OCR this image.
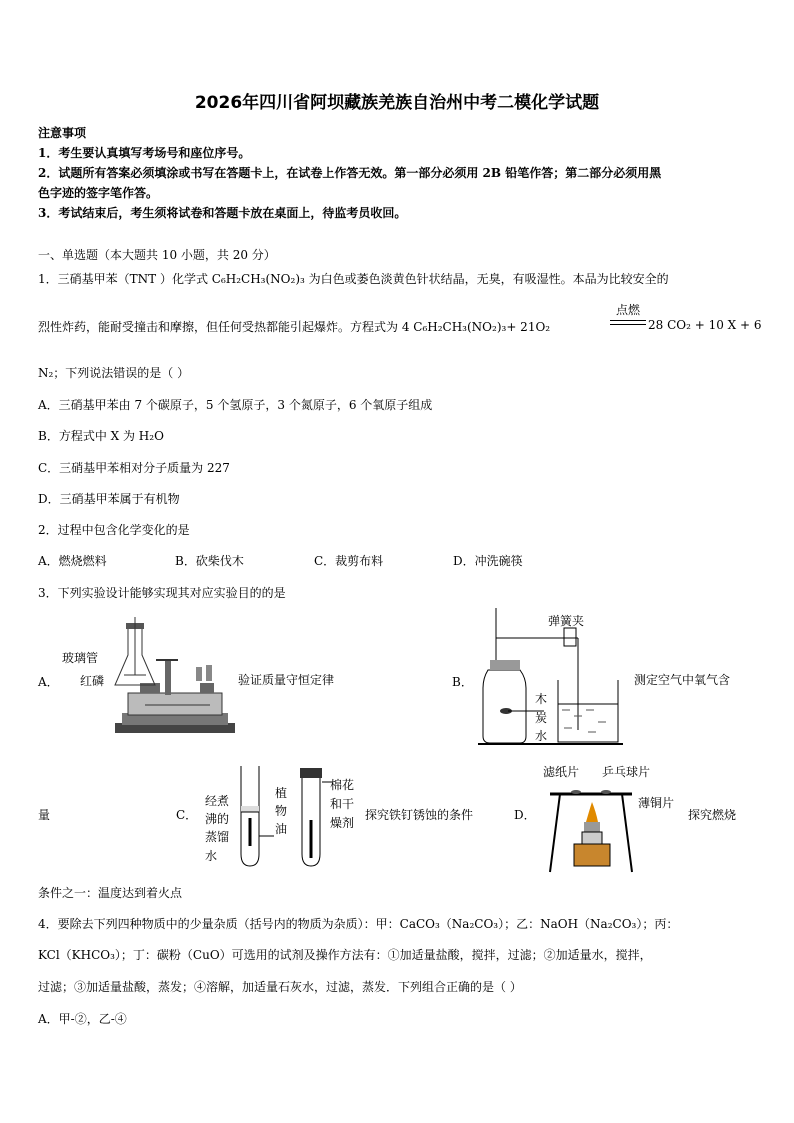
2026年四川省阿坝藏族羌族自治州中考二模化学试题
注意事项
1．考生要认真填写考场号和座位序号。
2．试题所有答案必须填涂或书写在答题卡上，在试卷上作答无效。第一部分必须用 2B 铅笔作答；第二部分必须用黑
色字迹的签字笔作答。
3．考试结束后，考生须将试卷和答题卡放在桌面上，待监考员收回。
一、单选题（本大题共 10 小题，共 20 分）
1．三硝基甲苯（TNT ）化学式 C₆H₂CH₃(NO₂)₃ 为白色或萎色淡黄色针状结晶，无臭，有吸湿性。本品为比较安全的
烈性炸药，能耐受撞击和摩擦，但任何受热都能引起爆炸。方程式为 4 C₆H₂CH₃(NO₂)₃+ 21O₂
点燃
28 CO₂ + 10 X + 6
N₂；下列说法错误的是（ ）
A．三硝基甲苯由 7 个碳原子，5 个氢原子，3 个氮原子，6 个氧原子组成
B．方程式中 X 为 H₂O
C．三硝基甲苯相对分子质量为 227
D．三硝基甲苯属于有机物
2．过程中包含化学变化的是
A．燃烧燃料	B．砍柴伐木	C．裁剪布料	D．冲洗碗筷
3．下列实验设计能够实现其对应实验目的的是
A．
玻璃管
红磷	验证质量守恒定律	B．
弹簧夹
木
炭
水
测定空气中氧气含
量	C．
经煮
沸的
蒸馏
水
植
物
油
棉花
和干
燥剂
探究铁钉锈蚀的条件	D．
滤纸片 乒乓球片
薄铜片
探究燃烧
条件之一：温度达到着火点
4．要除去下列四种物质中的少量杂质（括号内的物质为杂质）：甲：CaCO₃（Na₂CO₃）；乙：NaOH（Na₂CO₃）；丙：
KCl（KHCO₃）；丁：碳粉（CuO）可选用的试剂及操作方法有：①加适量盐酸，搅拌，过滤；②加适量水，搅拌，
过滤；③加适量盐酸，蒸发；④溶解，加适量石灰水，过滤，蒸发．下列组合正确的是（ ）
A．甲-②，乙-④
